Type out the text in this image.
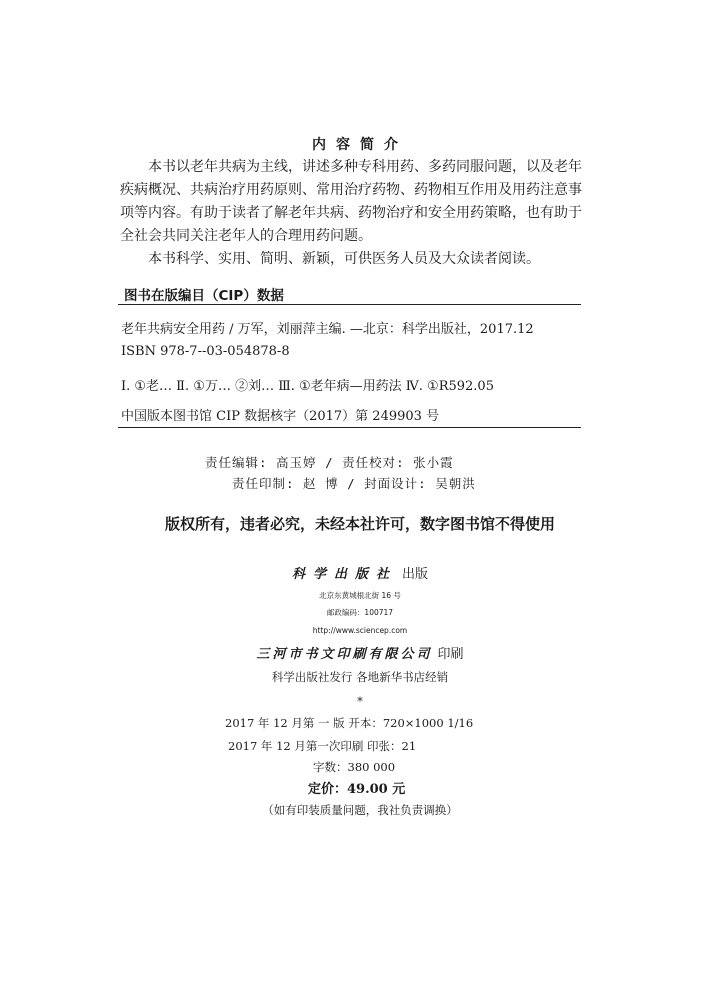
内容简介
本书以老年共病为主线，讲述多种专科用药、多药同服问题，以及老年
疾病概况、共病治疗用药原则、常用治疗药物、药物相互作用及用药注意事
项等内容。有助于读者了解老年共病、药物治疗和安全用药策略，也有助于
全社会共同关注老年人的合理用药问题。
本书科学、实用、简明、新颖，可供医务人员及大众读者阅读。
图书在版编目（CIP）数据
老年共病安全用药 / 万军，刘丽萍主编. —北京：科学出版社，2017.12
ISBN 978-7--03-054878-8
Ⅰ. ①老… Ⅱ. ①万… ②刘… Ⅲ. ①老年病—用药法 Ⅳ. ①R592.05
中国版本图书馆 CIP 数据核字（2017）第 249903 号
责任编辑: 高玉婷 / 责任校对: 张小霞
责任印制: 赵 博 / 封面设计: 吴朝洪
版权所有，违者必究，未经本社许可，数字图书馆不得使用
科学出版社 出版
北京东黄城根北街 16 号
邮政编码：100717
http://www.sciencep.com
三河市书文印刷有限公司 印刷
科学出版社发行 各地新华书店经销
*
2017 年 12 月第 一 版 开本：720×1000 1/16
2017 年 12 月第一次印刷 印张：21
字数：380 000
定价：49.00 元
（如有印装质量问题，我社负责调换）
